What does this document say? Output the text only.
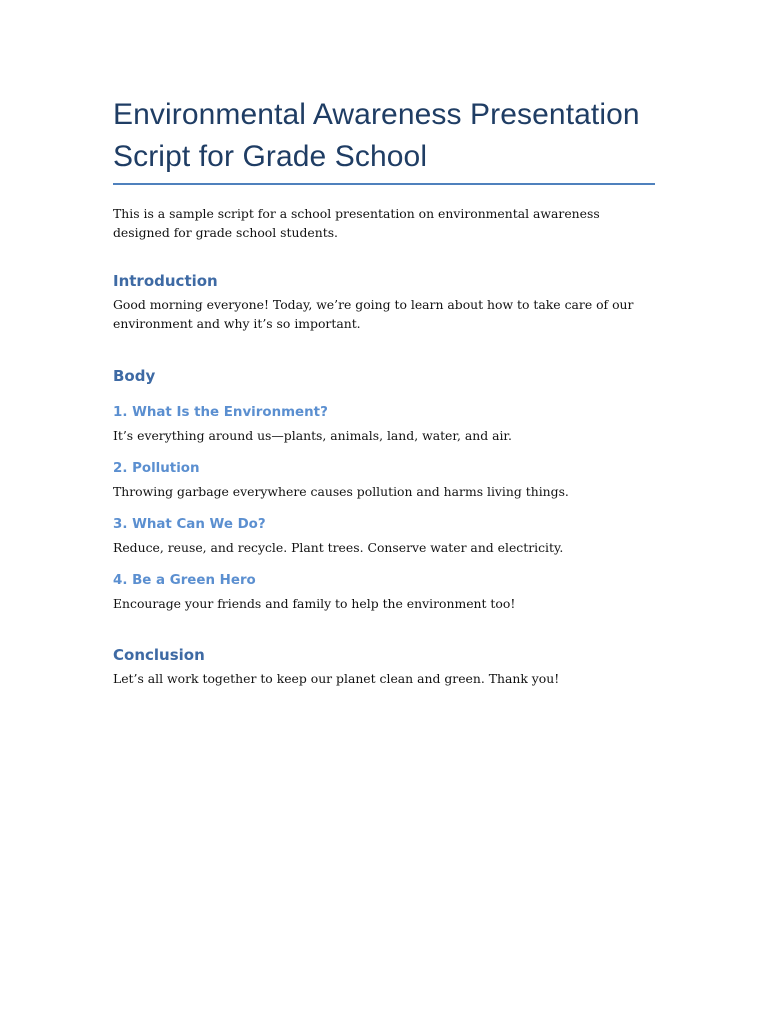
Environmental Awareness Presentation Script for Grade School

This is a sample script for a school presentation on environmental awareness designed for grade school students.

Introduction

Good morning everyone! Today, we’re going to learn about how to take care of our environment and why it’s so important.

Body
1. What Is the Environment?

It’s everything around us—plants, animals, land, water, and air.

2. Pollution

Throwing garbage everywhere causes pollution and harms living things.

3. What Can We Do?

Reduce, reuse, and recycle. Plant trees. Conserve water and electricity.

4. Be a Green Hero

Encourage your friends and family to help the environment too!

Conclusion

Let’s all work together to keep our planet clean and green. Thank you!
